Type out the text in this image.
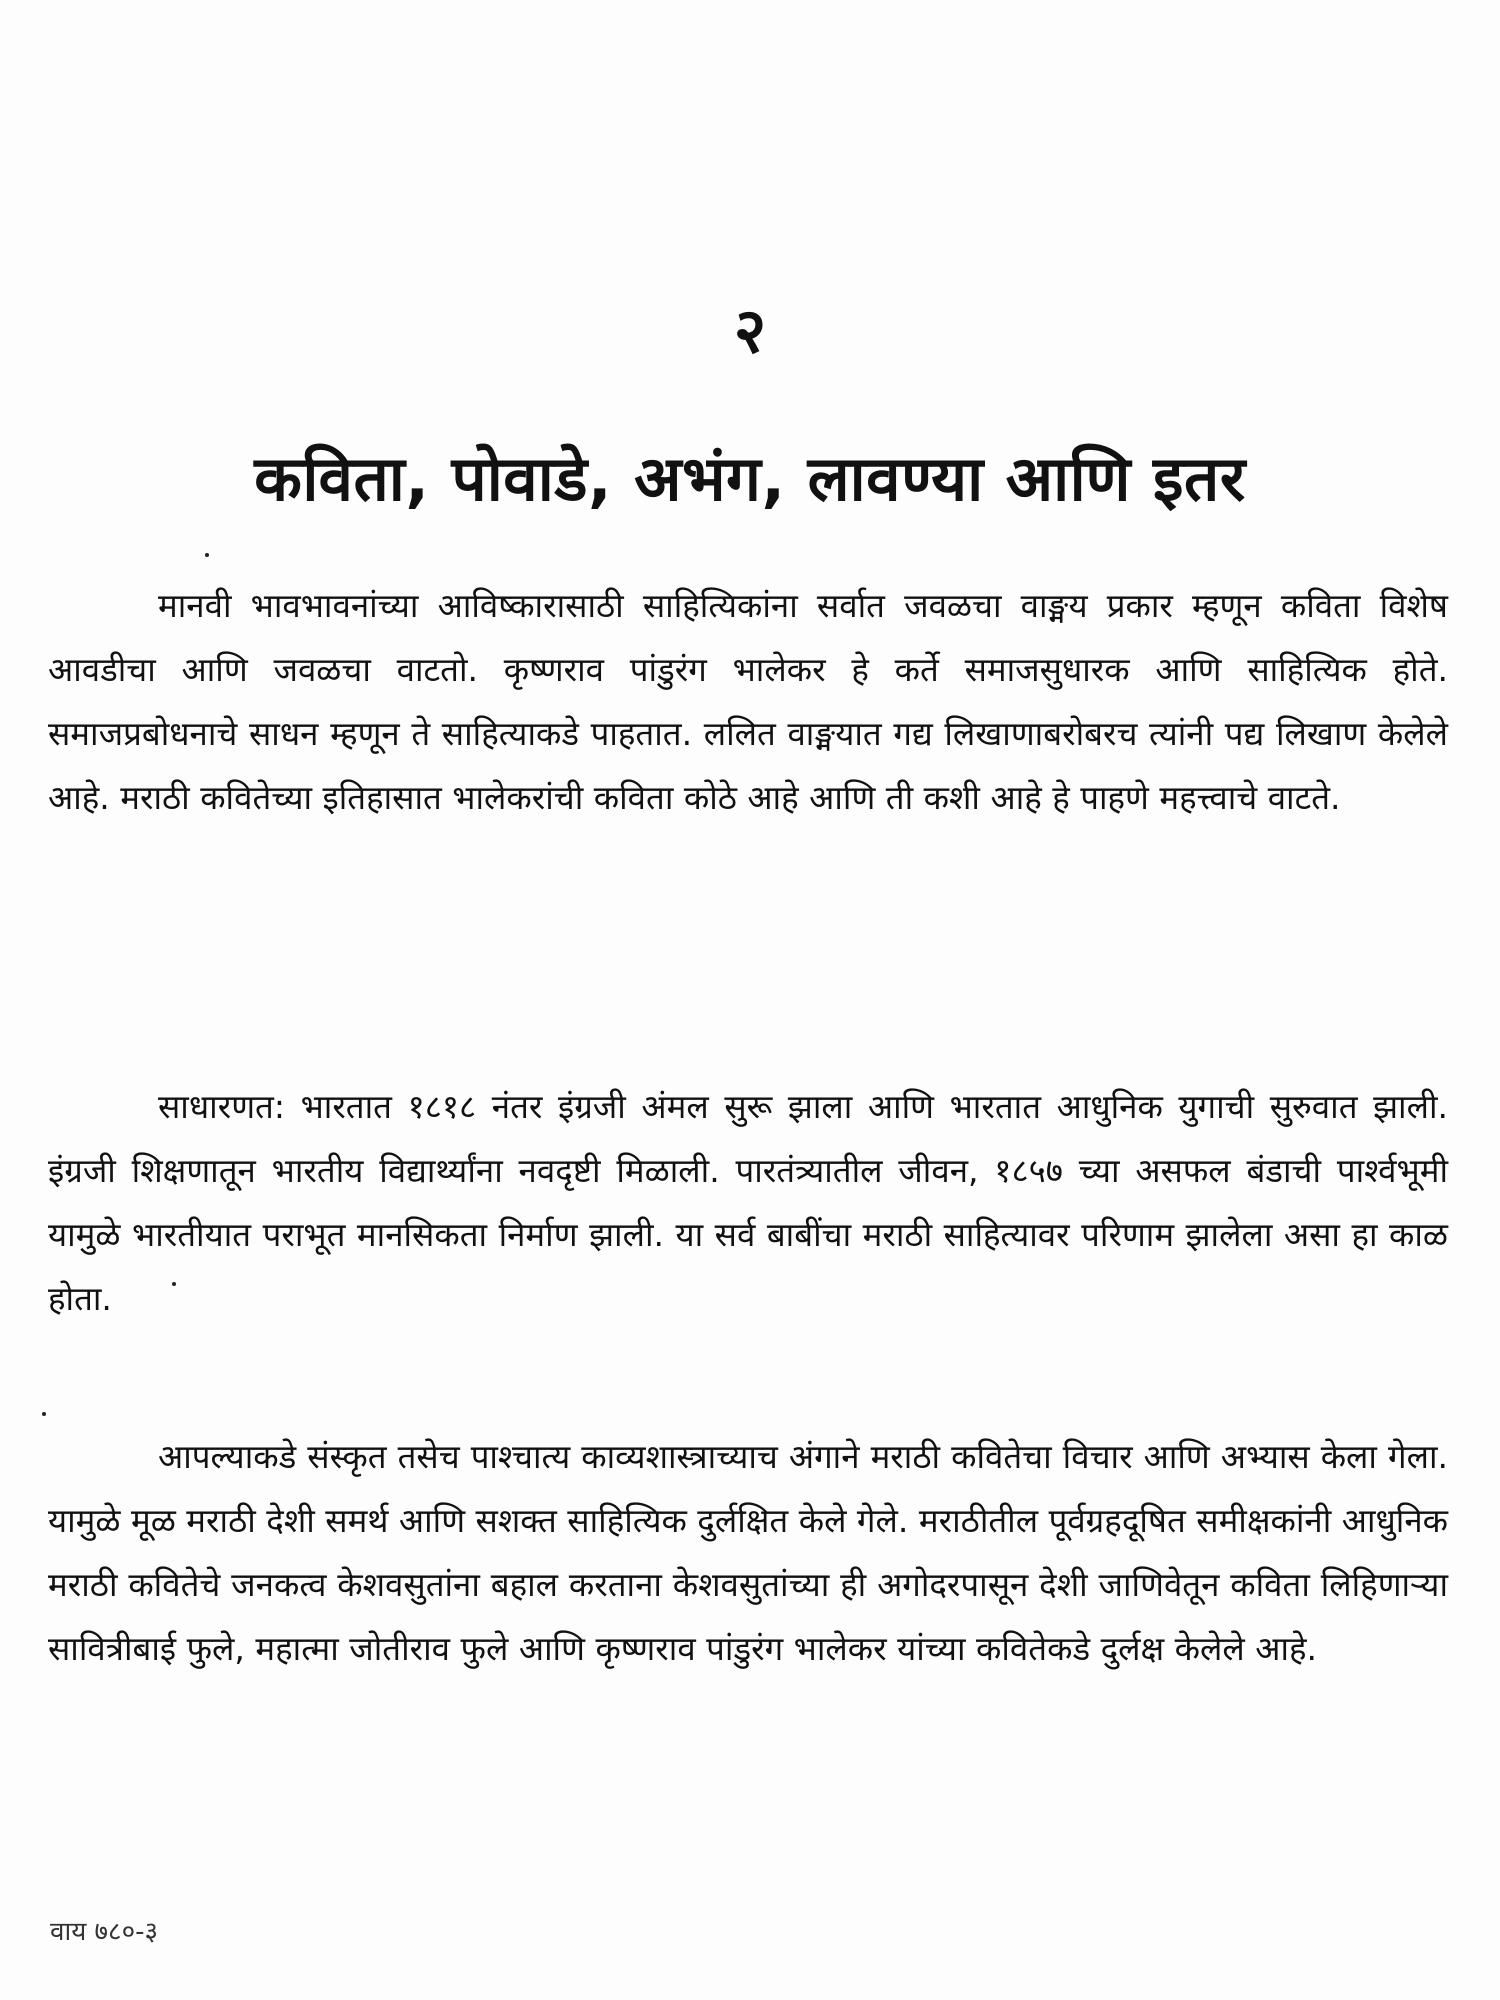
२
कविता, पोवाडे, अभंग, लावण्या आणि इतर

मानवी भावभावनांच्या आविष्कारासाठी साहित्यिकांना सर्वात जवळचा वाङ्मय प्रकार म्हणून कविता विशेष आवडीचा आणि जवळचा वाटतो. कृष्णराव पांडुरंग भालेकर हे कर्ते समाजसुधारक आणि साहित्यिक होते. समाजप्रबोधनाचे साधन म्हणून ते साहित्याकडे पाहतात. ललित वाङ्मयात गद्य लिखाणाबरोबरच त्यांनी पद्य लिखाण केलेले आहे. मराठी कवितेच्या इतिहासात भालेकरांची कविता कोठे आहे आणि ती कशी आहे हे पाहणे महत्त्वाचे वाटते.

साधारणत: भारतात १८१८ नंतर इंग्रजी अंमल सुरू झाला आणि भारतात आधुनिक युगाची सुरुवात झाली. इंग्रजी शिक्षणातून भारतीय विद्यार्थ्यांना नवदृष्टी मिळाली. पारतंत्र्यातील जीवन, १८५७ च्या असफल बंडाची पार्श्वभूमी यामुळे भारतीयात पराभूत मानसिकता निर्माण झाली. या सर्व बाबींचा मराठी साहित्यावर परिणाम झालेला असा हा काळ होता.

आपल्याकडे संस्कृत तसेच पाश्चात्य काव्यशास्त्राच्याच अंगाने मराठी कवितेचा विचार आणि अभ्यास केला गेला. यामुळे मूळ मराठी देशी समर्थ आणि सशक्त साहित्यिक दुर्लक्षित केले गेले. मराठीतील पूर्वग्रहदूषित समीक्षकांनी आधुनिक मराठी कवितेचे जनकत्व केशवसुतांना बहाल करताना केशवसुतांच्या ही अगोदरपासून देशी जाणिवेतून कविता लिहिणाऱ्या सावित्रीबाई फुले, महात्मा जोतीराव फुले आणि कृष्णराव पांडुरंग भालेकर यांच्या कवितेकडे दुर्लक्ष केलेले आहे.

वाय ७८०-३
